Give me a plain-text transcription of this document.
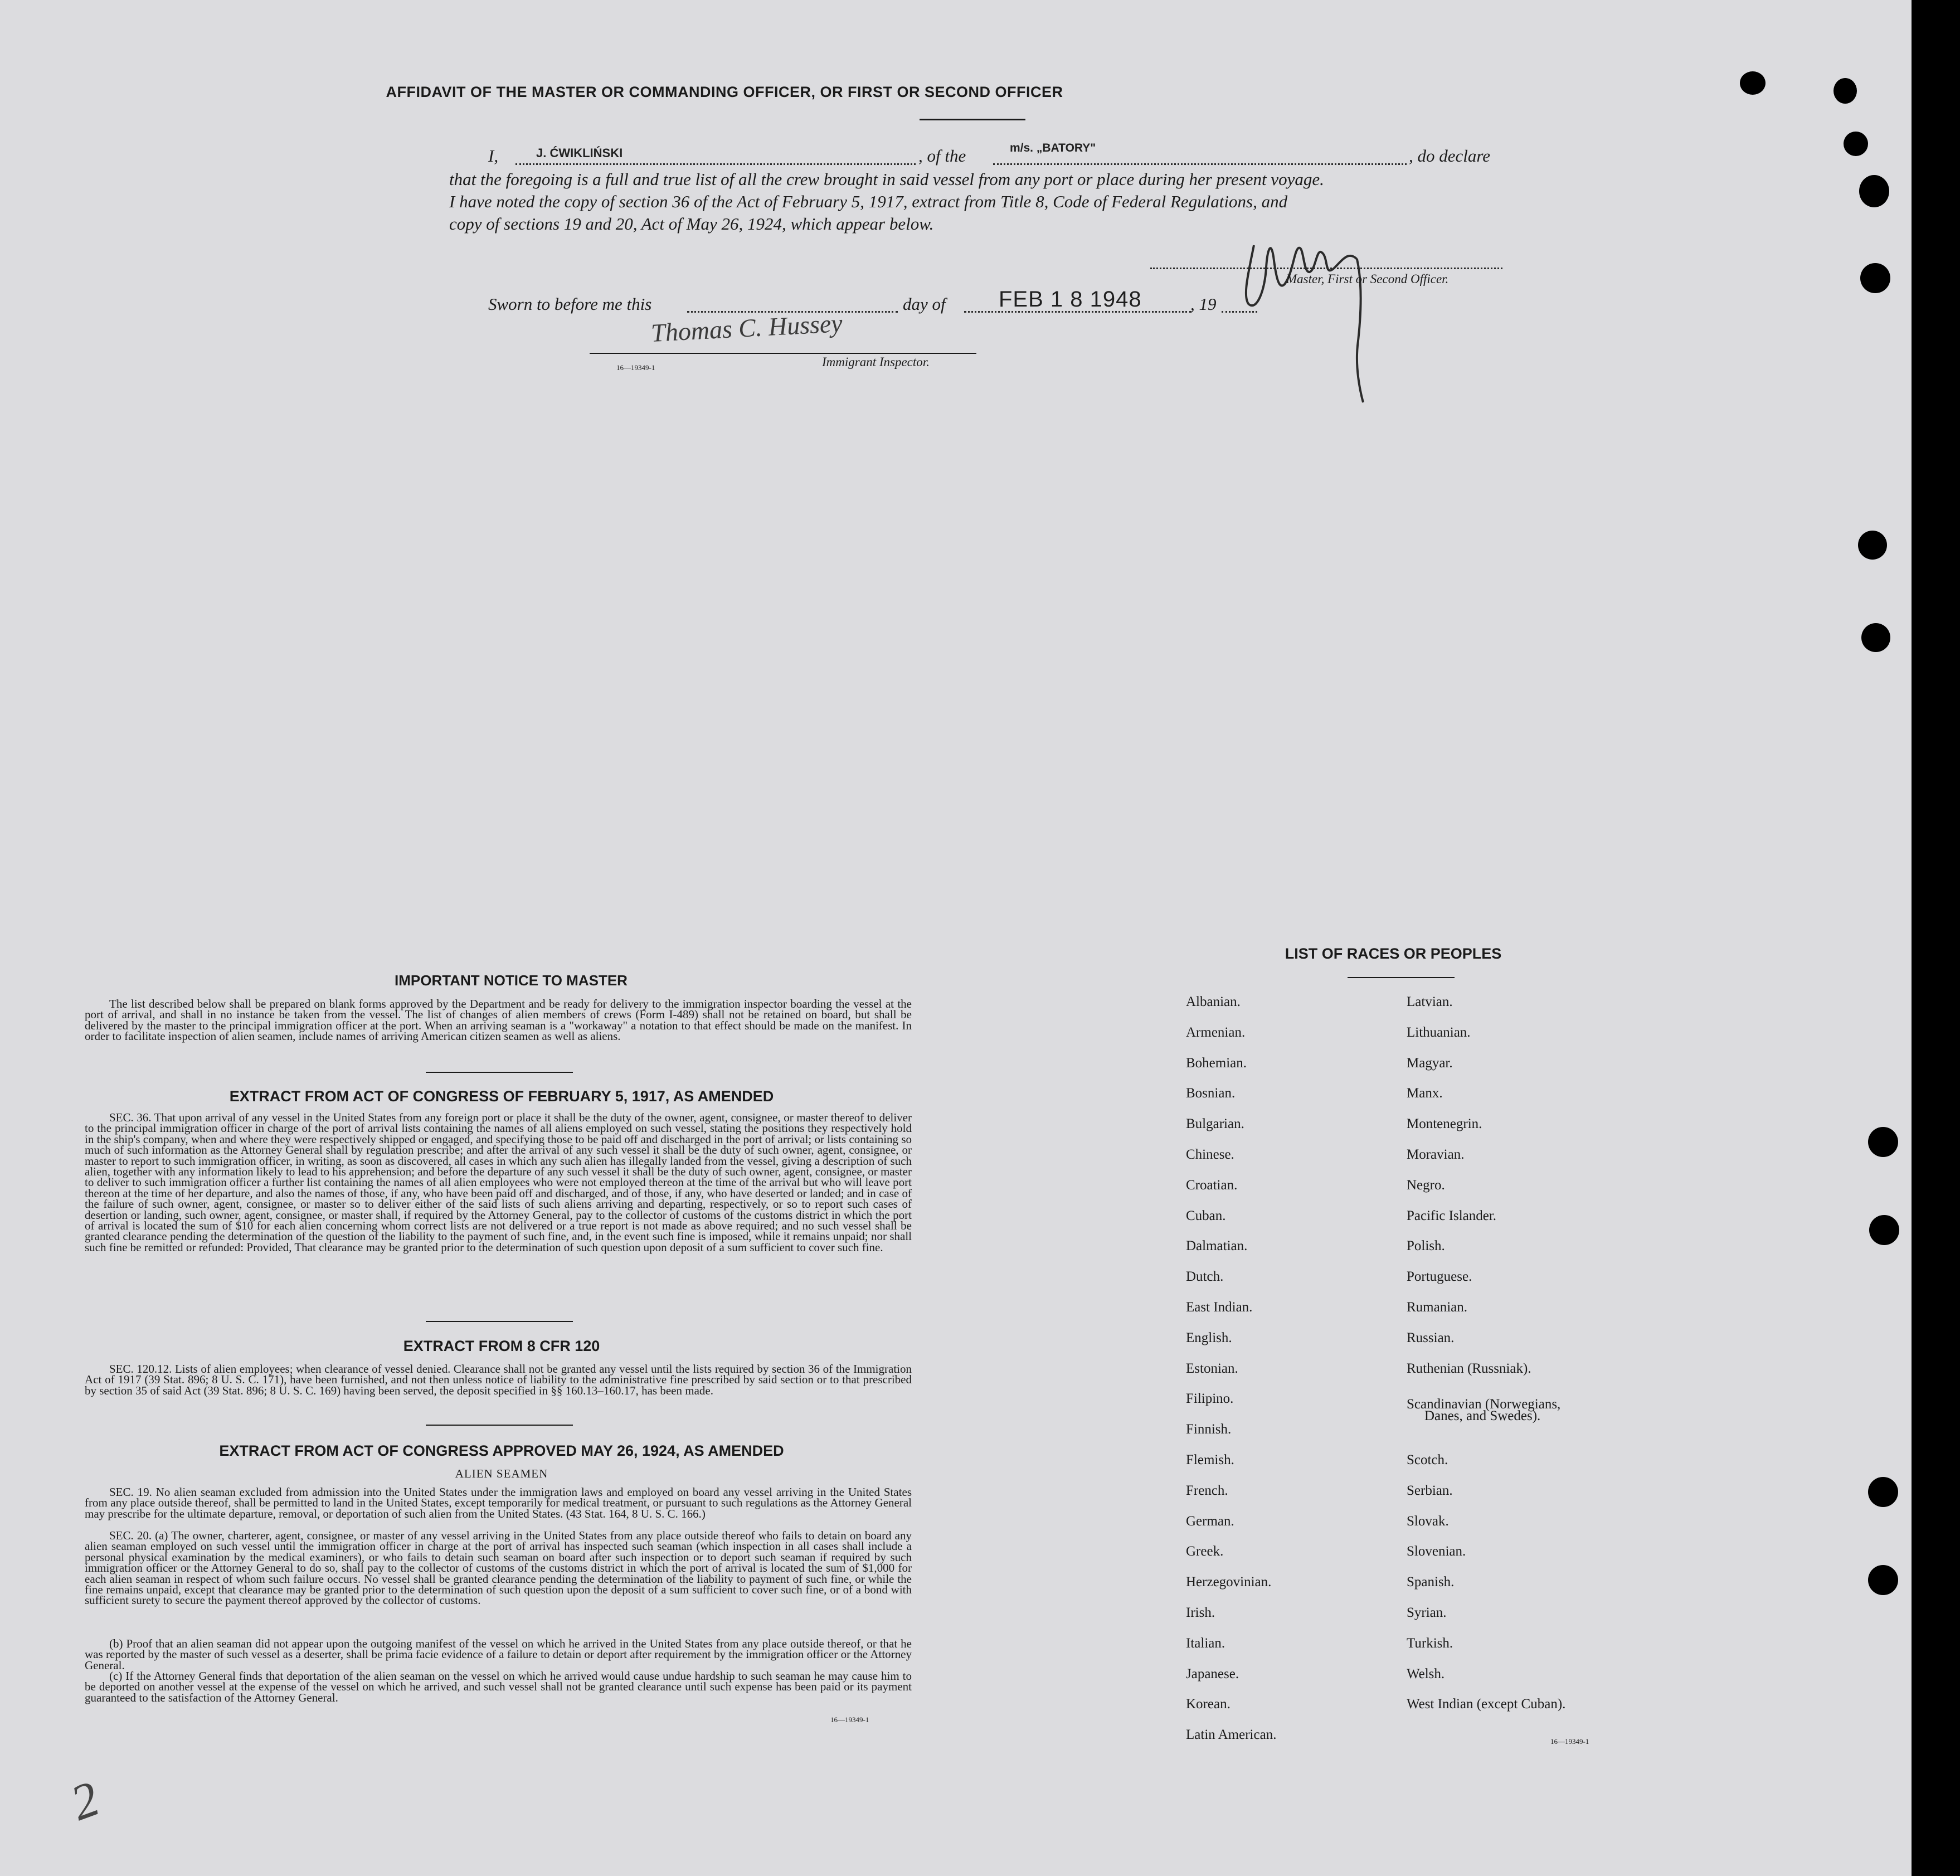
AFFIDAVIT OF THE MASTER OR COMMANDING OFFICER, OR FIRST OR SECOND OFFICER
I,	J. ĆWIKLIŃSKI	, of the	m/s. „BATORY"	, do declare
that the foregoing is a full and true list of all the crew brought in said vessel from any port or place during her present voyage.
I have noted the copy of section 36 of the Act of February 5, 1917, extract from Title 8, Code of Federal Regulations, and
copy of sections 19 and 20, Act of May 26, 1924, which appear below.
Master, First or Second Officer.
Sworn to before me this	day of FEB 1 8 1948	, 19
Thomas C. Hussey
16—19349-1	Immigrant Inspector.
IMPORTANT NOTICE TO MASTER

The list described below shall be prepared on blank forms approved by the Department and be ready for delivery to the immigration inspector boarding the vessel at the port of arrival, and shall in no instance be taken from the vessel. The list of changes of alien members of crews (Form I-489) shall not be retained on board, but shall be delivered by the master to the principal immigration officer at the port. When an arriving seaman is a "workaway" a notation to that effect should be made on the manifest. In order to facilitate inspection of alien seamen, include names of arriving American citizen seamen as well as aliens.

EXTRACT FROM ACT OF CONGRESS OF FEBRUARY 5, 1917, AS AMENDED

SEC. 36. That upon arrival of any vessel in the United States from any foreign port or place it shall be the duty of the owner, agent, consignee, or master thereof to deliver to the principal immigration officer in charge of the port of arrival lists containing the names of all aliens employed on such vessel, stating the positions they respectively hold in the ship's company, when and where they were respectively shipped or engaged, and specifying those to be paid off and discharged in the port of arrival; or lists containing so much of such information as the Attorney General shall by regulation prescribe; and after the arrival of any such vessel it shall be the duty of such owner, agent, consignee, or master to report to such immigration officer, in writing, as soon as discovered, all cases in which any such alien has illegally landed from the vessel, giving a description of such alien, together with any information likely to lead to his apprehension; and before the departure of any such vessel it shall be the duty of such owner, agent, consignee, or master to deliver to such immigration officer a further list containing the names of all alien employees who were not employed thereon at the time of the arrival but who will leave port thereon at the time of her departure, and also the names of those, if any, who have been paid off and discharged, and of those, if any, who have deserted or landed; and in case of the failure of such owner, agent, consignee, or master so to deliver either of the said lists of such aliens arriving and departing, respectively, or so to report such cases of desertion or landing, such owner, agent, consignee, or master shall, if required by the Attorney General, pay to the collector of customs of the customs district in which the port of arrival is located the sum of $10 for each alien concerning whom correct lists are not delivered or a true report is not made as above required; and no such vessel shall be granted clearance pending the determination of the question of the liability to the payment of such fine, and, in the event such fine is imposed, while it remains unpaid; nor shall such fine be remitted or refunded: Provided, That clearance may be granted prior to the determination of such question upon deposit of a sum sufficient to cover such fine.

EXTRACT FROM 8 CFR 120

SEC. 120.12. Lists of alien employees; when clearance of vessel denied. Clearance shall not be granted any vessel until the lists required by section 36 of the Immigration Act of 1917 (39 Stat. 896; 8 U. S. C. 171), have been furnished, and not then unless notice of liability to the administrative fine prescribed by said section or to that prescribed by section 35 of said Act (39 Stat. 896; 8 U. S. C. 169) having been served, the deposit specified in §§ 160.13–160.17, has been made.

EXTRACT FROM ACT OF CONGRESS APPROVED MAY 26, 1924, AS AMENDED
ALIEN SEAMEN

SEC. 19. No alien seaman excluded from admission into the United States under the immigration laws and employed on board any vessel arriving in the United States from any place outside thereof, shall be permitted to land in the United States, except temporarily for medical treatment, or pursuant to such regulations as the Attorney General may prescribe for the ultimate departure, removal, or deportation of such alien from the United States. (43 Stat. 164, 8 U. S. C. 166.)

SEC. 20. (a) The owner, charterer, agent, consignee, or master of any vessel arriving in the United States from any place outside thereof who fails to detain on board any alien seaman employed on such vessel until the immigration officer in charge at the port of arrival has inspected such seaman (which inspection in all cases shall include a personal physical examination by the medical examiners), or who fails to detain such seaman on board after such inspection or to deport such seaman if required by such immigration officer or the Attorney General to do so, shall pay to the collector of customs of the customs district in which the port of arrival is located the sum of $1,000 for each alien seaman in respect of whom such failure occurs. No vessel shall be granted clearance pending the determination of the liability to payment of such fine, or while the fine remains unpaid, except that clearance may be granted prior to the determination of such question upon the deposit of a sum sufficient to cover such fine, or of a bond with sufficient surety to secure the payment thereof approved by the collector of customs.

(b) Proof that an alien seaman did not appear upon the outgoing manifest of the vessel on which he arrived in the United States from any place outside thereof, or that he was reported by the master of such vessel as a deserter, shall be prima facie evidence of a failure to detain or deport after requirement by the immigration officer or the Attorney General.

(c) If the Attorney General finds that deportation of the alien seaman on the vessel on which he arrived would cause undue hardship to such seaman he may cause him to be deported on another vessel at the expense of the vessel on which he arrived, and such vessel shall not be granted clearance until such expense has been paid or its payment guaranteed to the satisfaction of the Attorney General.

16—19349-1
LIST OF RACES OR PEOPLES
Albanian.
Armenian.
Bohemian.
Bosnian.
Bulgarian.
Chinese.
Croatian.
Cuban.
Dalmatian.
Dutch.
East Indian.
English.
Estonian.
Filipino.
Finnish.
Flemish.
French.
German.
Greek.
Herzegovinian.
Irish.
Italian.
Japanese.
Korean.
Latin American.
Latvian.
Lithuanian.
Magyar.
Manx.
Montenegrin.
Moravian.
Negro.
Pacific Islander.
Polish.
Portuguese.
Rumanian.
Russian.
Ruthenian (Russniak).
Scandinavian (Norwegians,
Danes, and Swedes).
Scotch.
Serbian.
Slovak.
Slovenian.
Spanish.
Syrian.
Turkish.
Welsh.
West Indian (except Cuban).
16—19349-1
2
